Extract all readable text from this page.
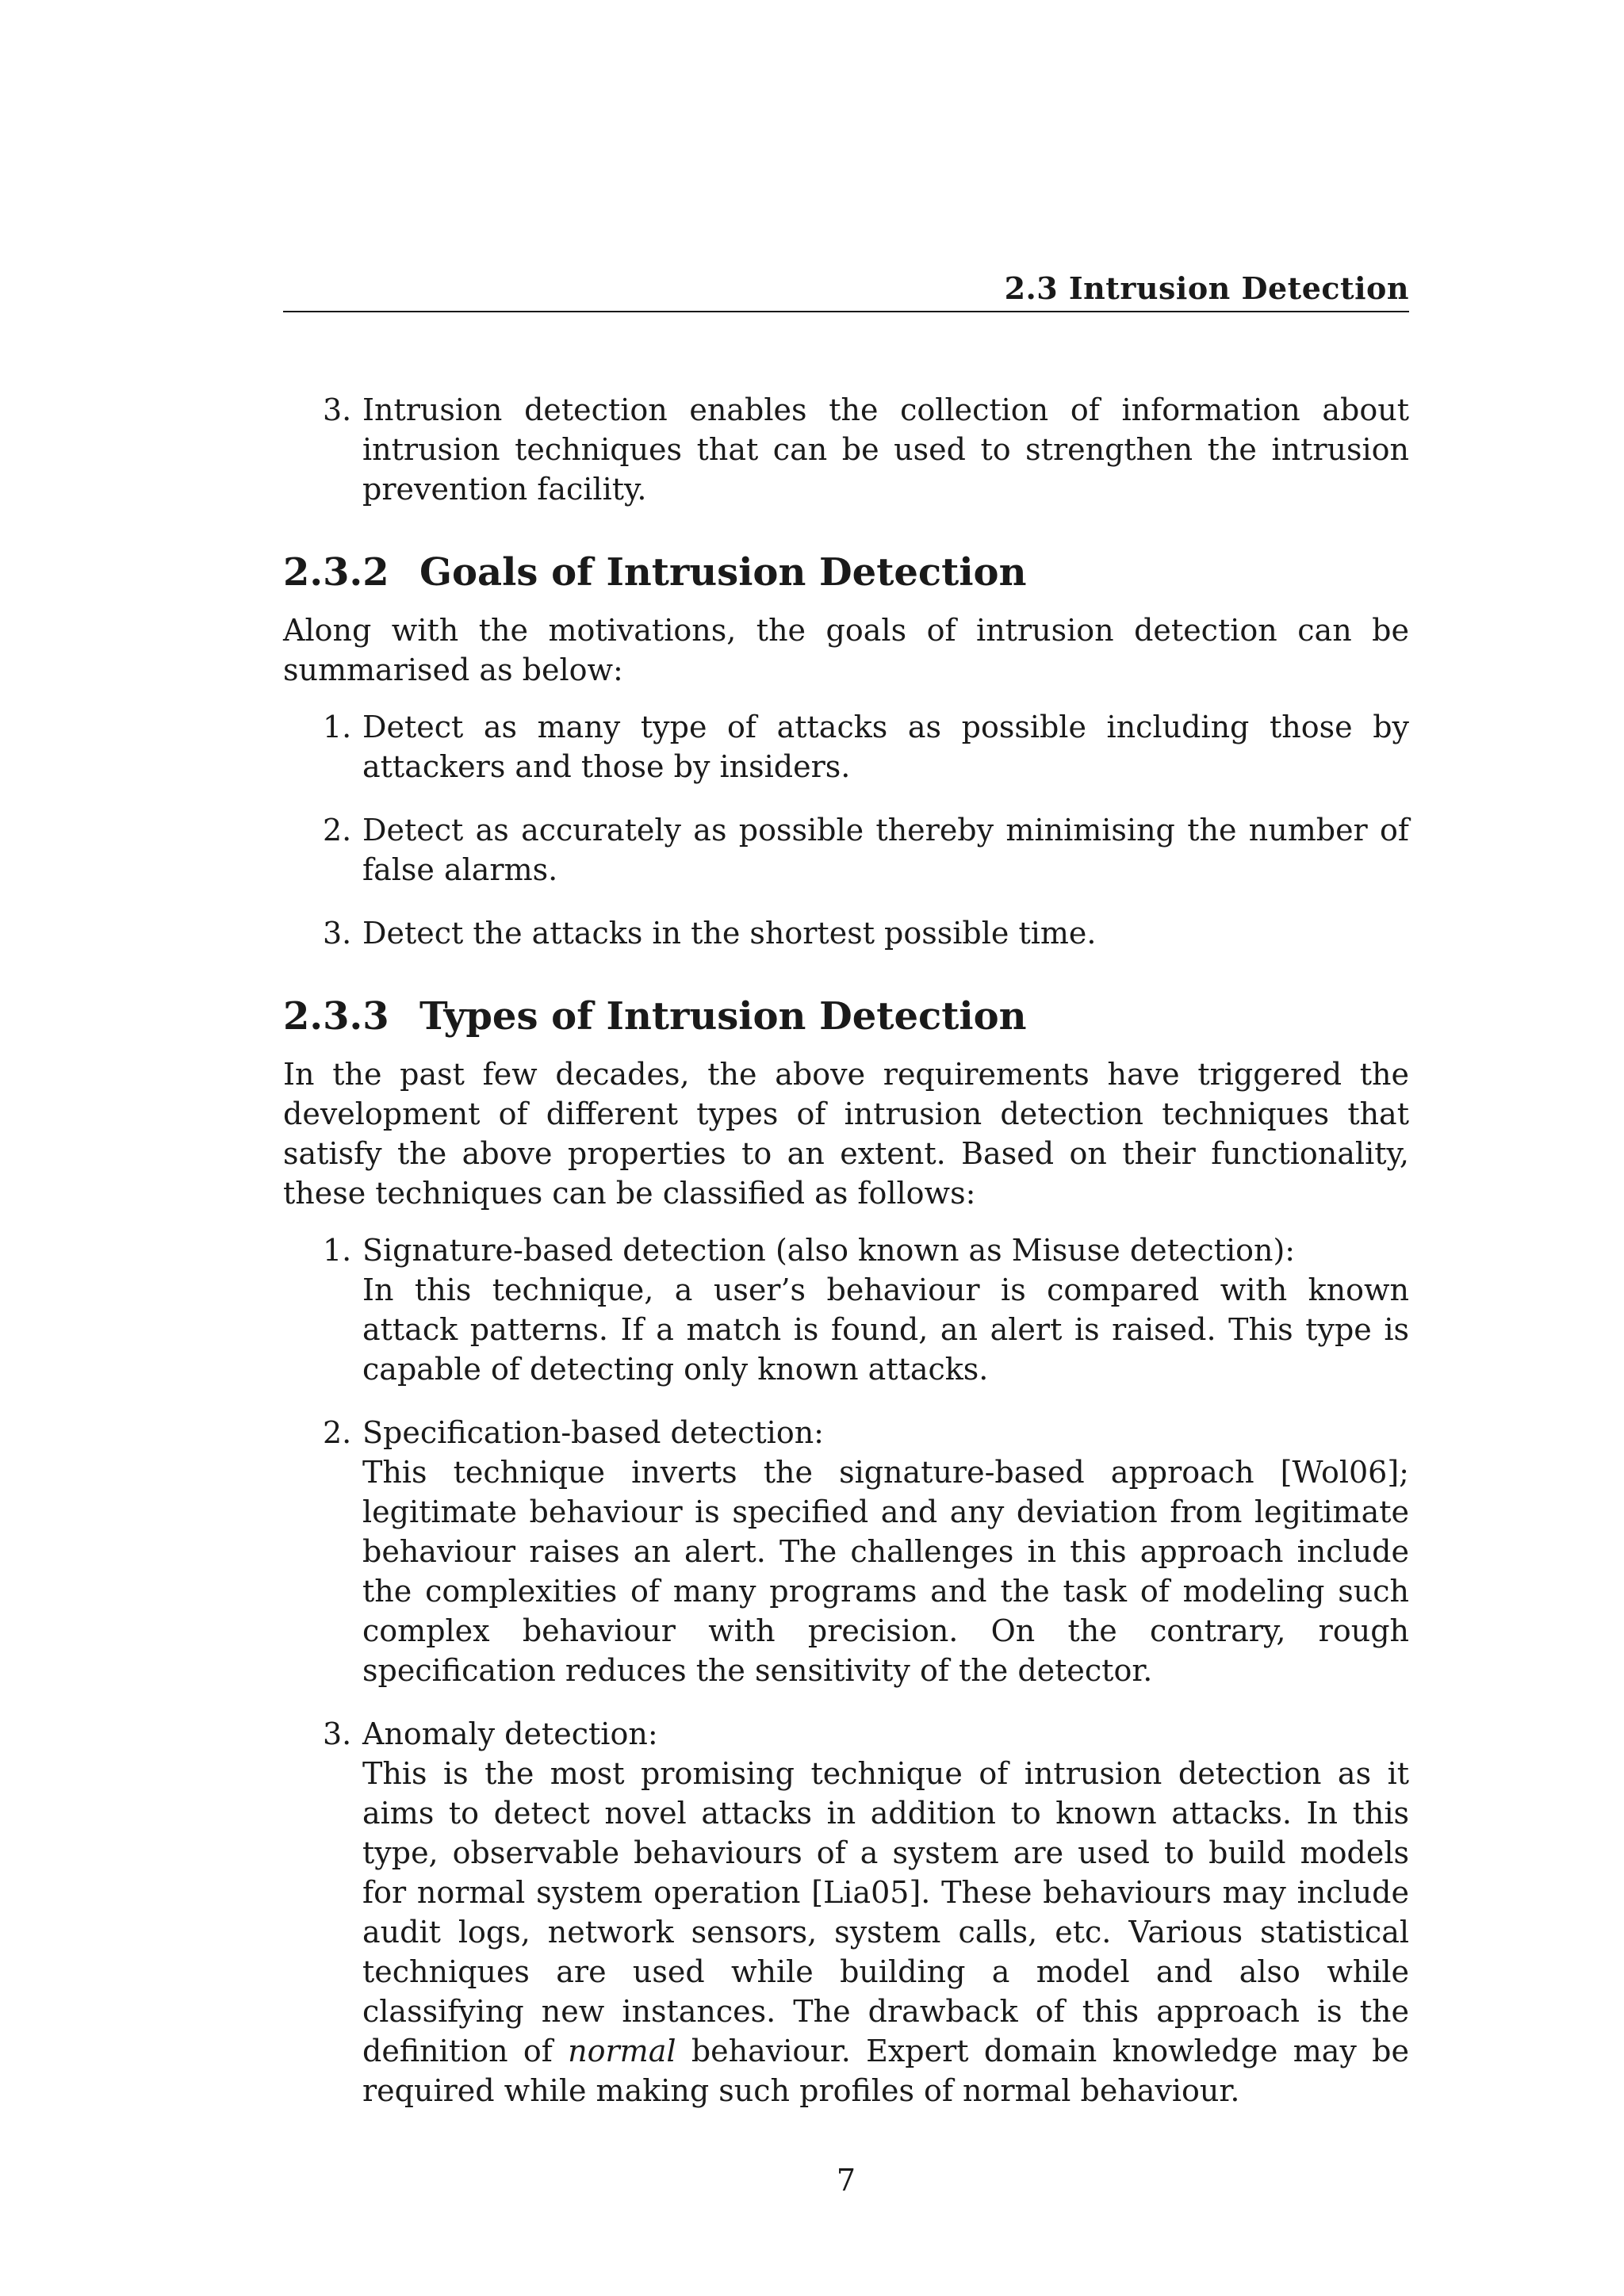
2.3 Intrusion Detection
3. Intrusion detection enables the collection of information about intrusion techniques that can be used to strengthen the intrusion prevention facility.
2.3.2 Goals of Intrusion Detection

Along with the motivations, the goals of intrusion detection can be summarised as below:

1. Detect as many type of attacks as possible including those by attackers and those by insiders.
2. Detect as accurately as possible thereby minimising the number of false alarms.
3. Detect the attacks in the shortest possible time.
2.3.3 Types of Intrusion Detection

In the past few decades, the above requirements have triggered the development of different types of intrusion detection techniques that satisfy the above properties to an extent. Based on their functionality, these techniques can be classified as follows:

1. Signature-based detection (also known as Misuse detection):
In this technique, a user’s behaviour is compared with known attack patterns. If a match is found, an alert is raised. This type is capable of detecting only known attacks.
2. Specification-based detection:
This technique inverts the signature-based approach [Wol06]; legitimate behaviour is specified and any deviation from legitimate behaviour raises an alert. The challenges in this approach include the complexities of many programs and the task of modeling such complex behaviour with precision. On the contrary, rough specification reduces the sensitivity of the detector.
3. Anomaly detection:
This is the most promising technique of intrusion detection as it aims to detect novel attacks in addition to known attacks. In this type, observable behaviours of a system are used to build models for normal system operation [Lia05]. These behaviours may include audit logs, network sensors, system calls, etc. Various statistical techniques are used while building a model and also while classifying new instances. The drawback of this approach is the definition of normal behaviour. Expert domain knowledge may be required while making such profiles of normal behaviour.
7
